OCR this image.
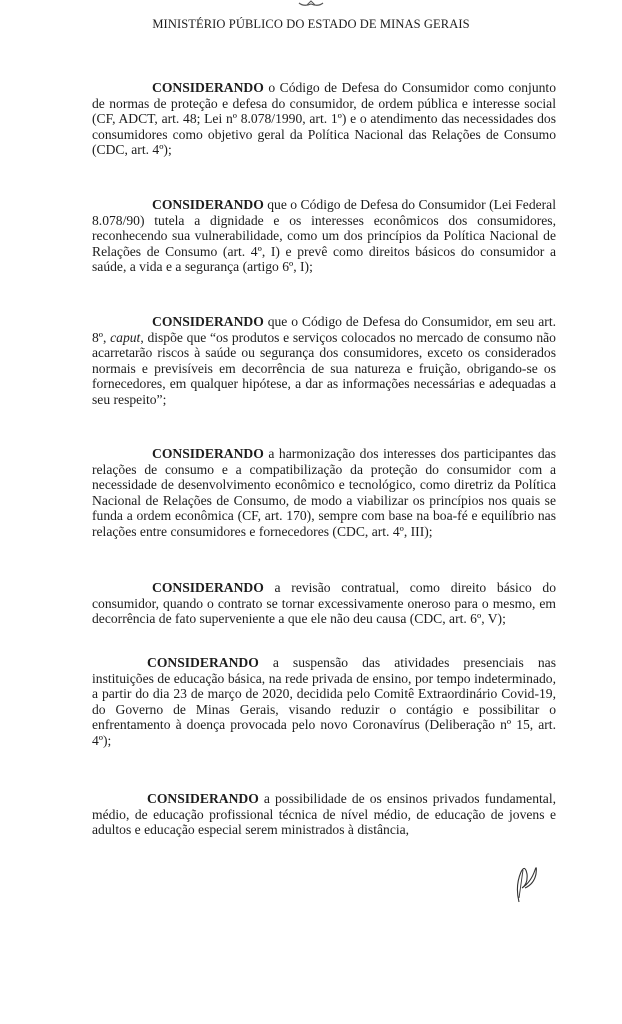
MINISTÉRIO PÚBLICO DO ESTADO DE MINAS GERAIS

CONSIDERANDO o Código de Defesa do Consumidor como conjunto de normas de proteção e defesa do consumidor, de ordem pública e interesse social (CF, ADCT, art. 48; Lei nº 8.078/1990, art. 1º) e o atendimento das necessidades dos consumidores como objetivo geral da Política Nacional das Relações de Consumo (CDC, art. 4º);

CONSIDERANDO que o Código de Defesa do Consumidor (Lei Federal 8.078/90) tutela a dignidade e os interesses econômicos dos consumidores, reconhecendo sua vulnerabilidade, como um dos princípios da Política Nacional de Relações de Consumo (art. 4º, I) e prevê como direitos básicos do consumidor a saúde, a vida e a segurança (artigo 6º, I);

CONSIDERANDO que o Código de Defesa do Consumidor, em seu art. 8º, caput, dispõe que “os produtos e serviços colocados no mercado de consumo não acarretarão riscos à saúde ou segurança dos consumidores, exceto os considerados normais e previsíveis em decorrência de sua natureza e fruição, obrigando-se os fornecedores, em qualquer hipótese, a dar as informações necessárias e adequadas a seu respeito”;

CONSIDERANDO a harmonização dos interesses dos participantes das relações de consumo e a compatibilização da proteção do consumidor com a necessidade de desenvolvimento econômico e tecnológico, como diretriz da Política Nacional de Relações de Consumo, de modo a viabilizar os princípios nos quais se funda a ordem econômica (CF, art. 170), sempre com base na boa-fé e equilíbrio nas relações entre consumidores e fornecedores (CDC, art. 4º, III);

CONSIDERANDO a revisão contratual, como direito básico do consumidor, quando o contrato se tornar excessivamente oneroso para o mesmo, em decorrência de fato superveniente a que ele não deu causa (CDC, art. 6º, V);

CONSIDERANDO a suspensão das atividades presenciais nas instituições de educação básica, na rede privada de ensino, por tempo indeterminado, a partir do dia 23 de março de 2020, decidida pelo Comitê Extraordinário Covid-19, do Governo de Minas Gerais, visando reduzir o contágio e possibilitar o enfrentamento à doença provocada pelo novo Coronavírus (Deliberação nº 15, art. 4º);

CONSIDERANDO a possibilidade de os ensinos privados fundamental, médio, de educação profissional técnica de nível médio, de educação de jovens e adultos e educação especial serem ministrados à distância,
